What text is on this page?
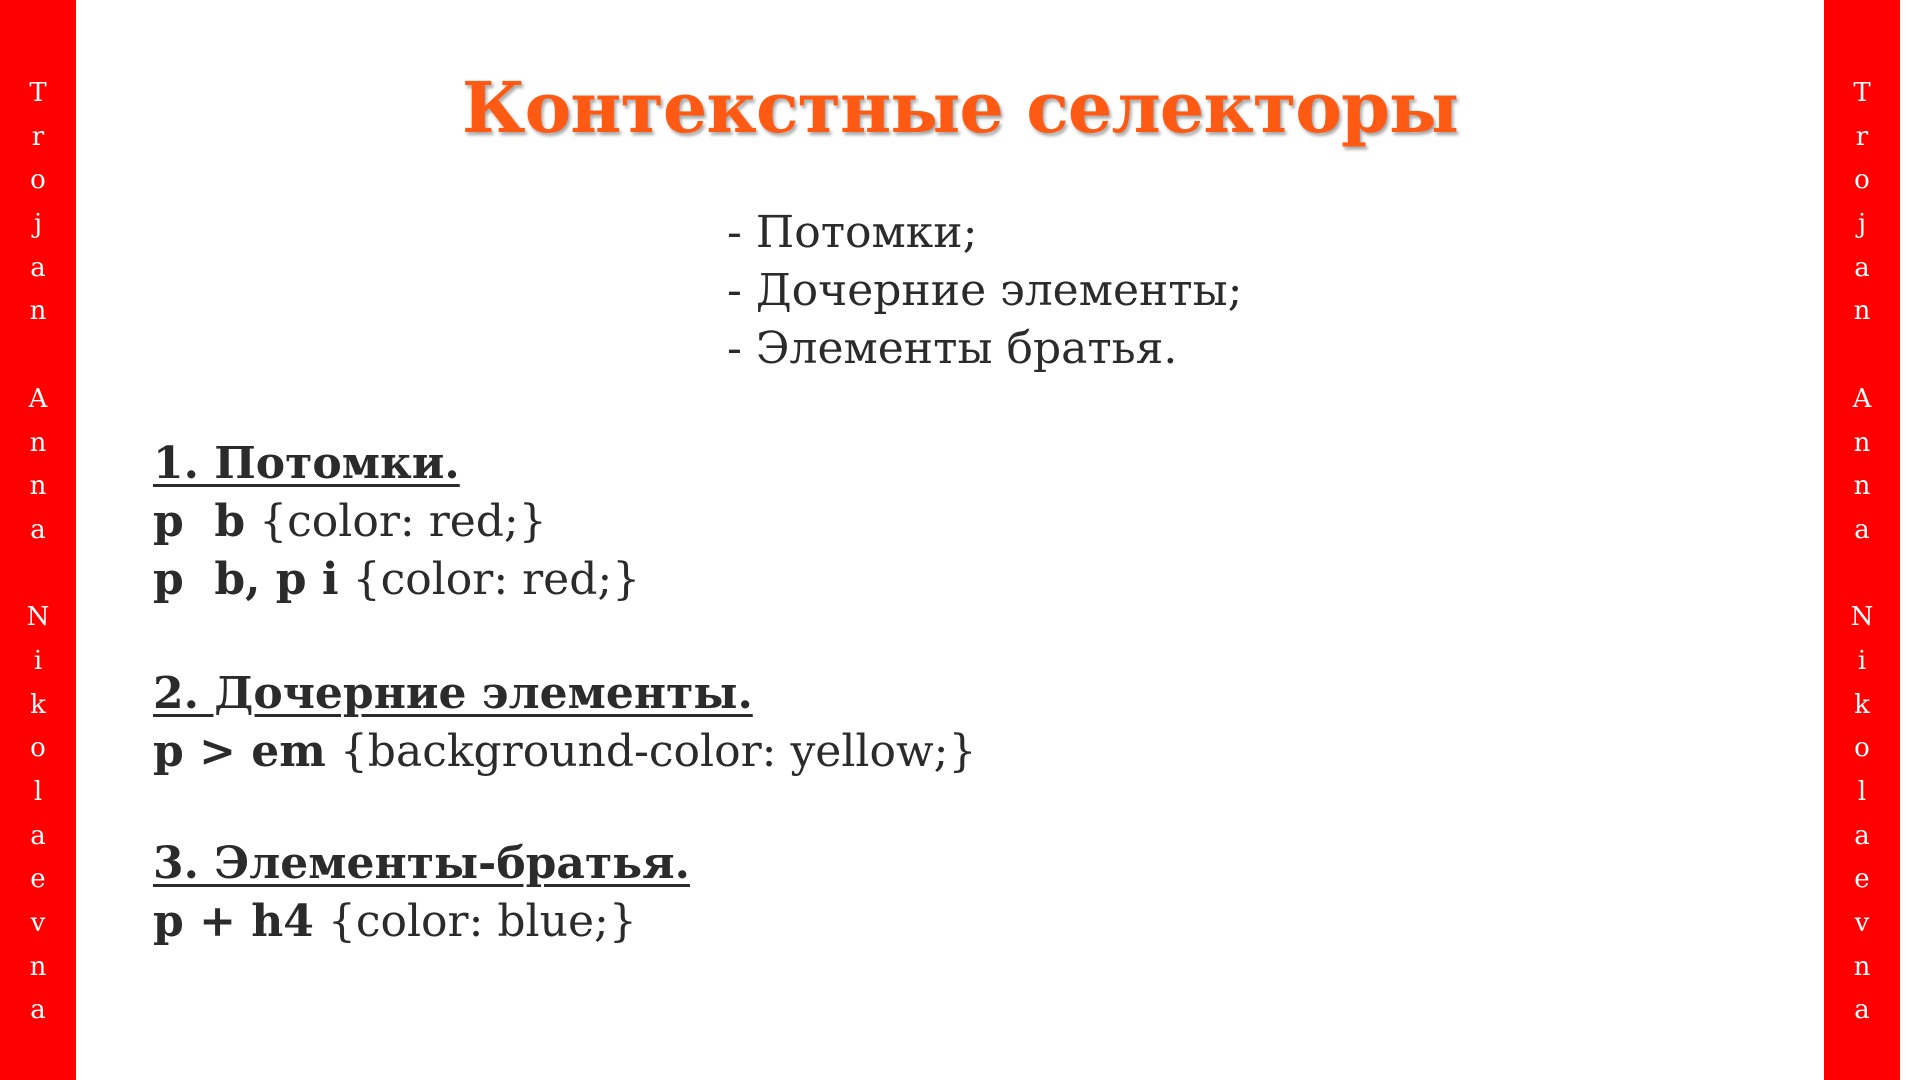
T
r
o
j
a
n

A
n
n
a

N
i
k
o
l
a
e
v
n
a
T
r
o
j
a
n

A
n
n
a

N
i
k
o
l
a
e
v
n
a
Контекстные селекторы
- Потомки;
- Дочерние элементы;
- Элементы братья.
1. Потомки.
p  b {color: red;}
p  b, p i {color: red;}
2. Дочерние элементы.
p > em {background-color: yellow;}
3. Элементы-братья.
p + h4 {color: blue;}
